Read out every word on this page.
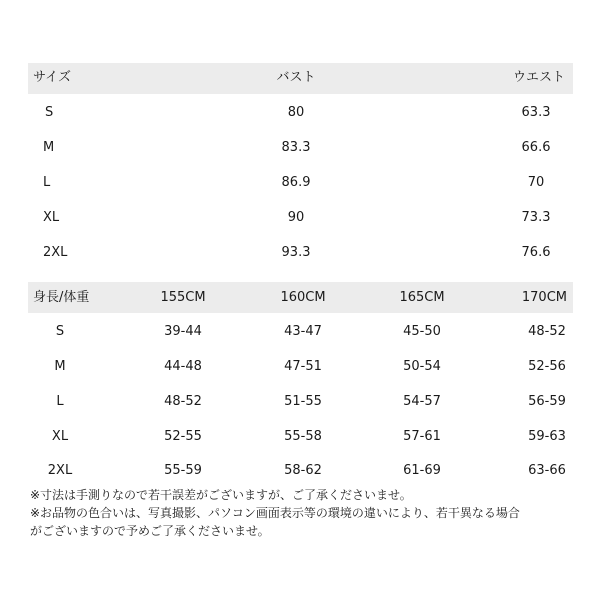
サイズ	バスト	ウエスト
S	80	63.3
M	83.3	66.6
L	86.9	70
XL	90	73.3
2XL	93.3	76.6
身長/体重	155CM	160CM	165CM	170CM
S	39-44	43-47	45-50	48-52
M	44-48	47-51	50-54	52-56
L	48-52	51-55	54-57	56-59
XL	52-55	55-58	57-61	59-63
2XL	55-59	58-62	61-69	63-66
※寸法は手測りなので若干誤差がございますが、ご了承くださいませ。
※お品物の色合いは、写真撮影、パソコン画面表示等の環境の違いにより、若干異なる場合
がございますので予めご了承くださいませ。
